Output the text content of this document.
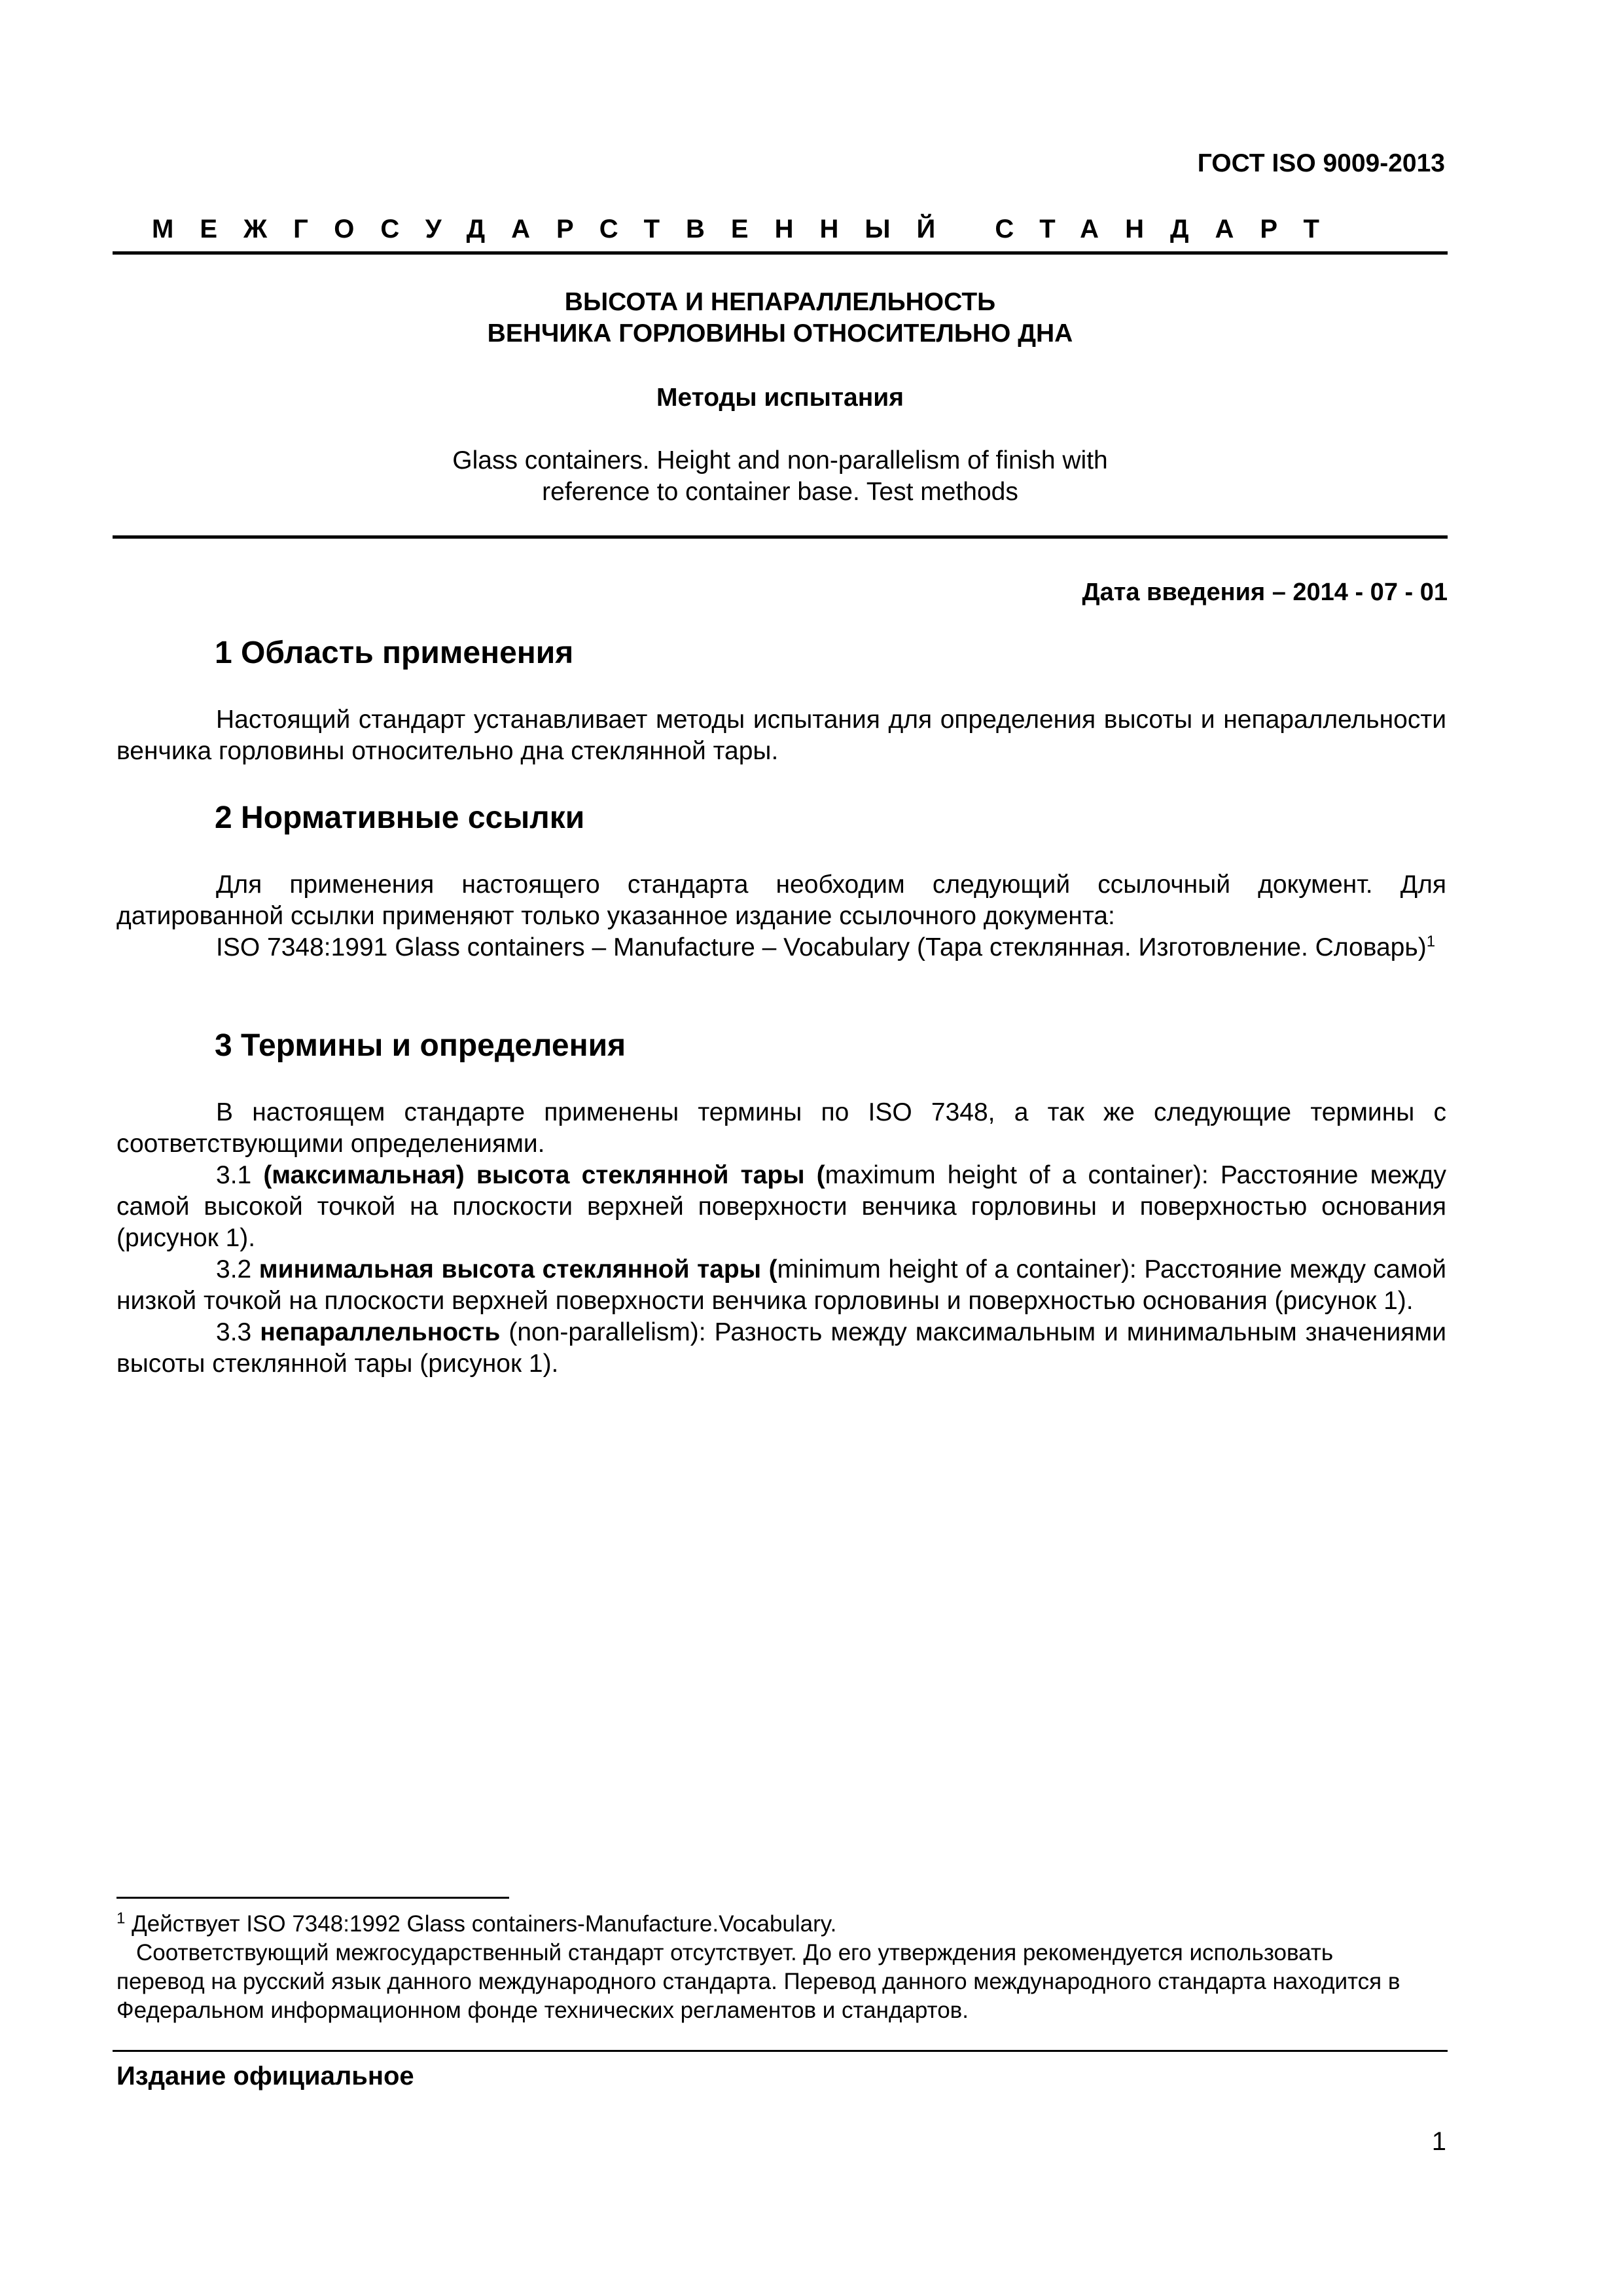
ГОСТ ISO 9009-2013
МЕЖГОСУДАРСТВЕННЫЙ СТАНДАРТ
ВЫСОТА И НЕПАРАЛЛЕЛЬНОСТЬ
ВЕНЧИКА ГОРЛОВИНЫ ОТНОСИТЕЛЬНО ДНА
Методы испытания
Glass containers. Height and non-parallelism of finish with
reference to container base. Test methods
Дата введения – 2014 - 07 - 01
1 Область применения

Настоящий стандарт устанавливает методы испытания для определения высоты и непараллельности венчика горловины относительно дна стеклянной тары.

2 Нормативные ссылки

Для применения настоящего стандарта необходим следующий ссылочный документ. Для датированной ссылки применяют только указанное издание ссылочного документа:

ISO 7348:1991 Glass containers – Manufacture – Vocabulary (Тара стеклянная. Изготовление. Словарь)$^1$

3 Термины и определения

В настоящем стандарте применены термины по ISO 7348, а так же следующие термины с соответствующими определениями.

3.1 (максимальная) высота стеклянной тары (maximum height of a container): Расстояние между самой высокой точкой на плоскости верхней поверхности венчика горловины и поверхностью основания (рисунок 1).

3.2 минимальная высота стеклянной тары (minimum height of a container): Расстояние между самой низкой точкой на плоскости верхней поверхности венчика горловины и поверхностью основания (рисунок 1).

3.3 непараллельность (non-parallelism): Разность между максимальным и минимальным значениями высоты стеклянной тары (рисунок 1).

$^1$ Действует ISO 7348:1992 Glass containers-Manufacture.Vocabulary.

Соответствующий межгосударственный стандарт отсутствует. До его утверждения рекомендуется использовать перевод на русский язык данного международного стандарта. Перевод данного международного стандарта находится в Федеральном информационном фонде технических регламентов и стандартов.

Издание официальное
1
